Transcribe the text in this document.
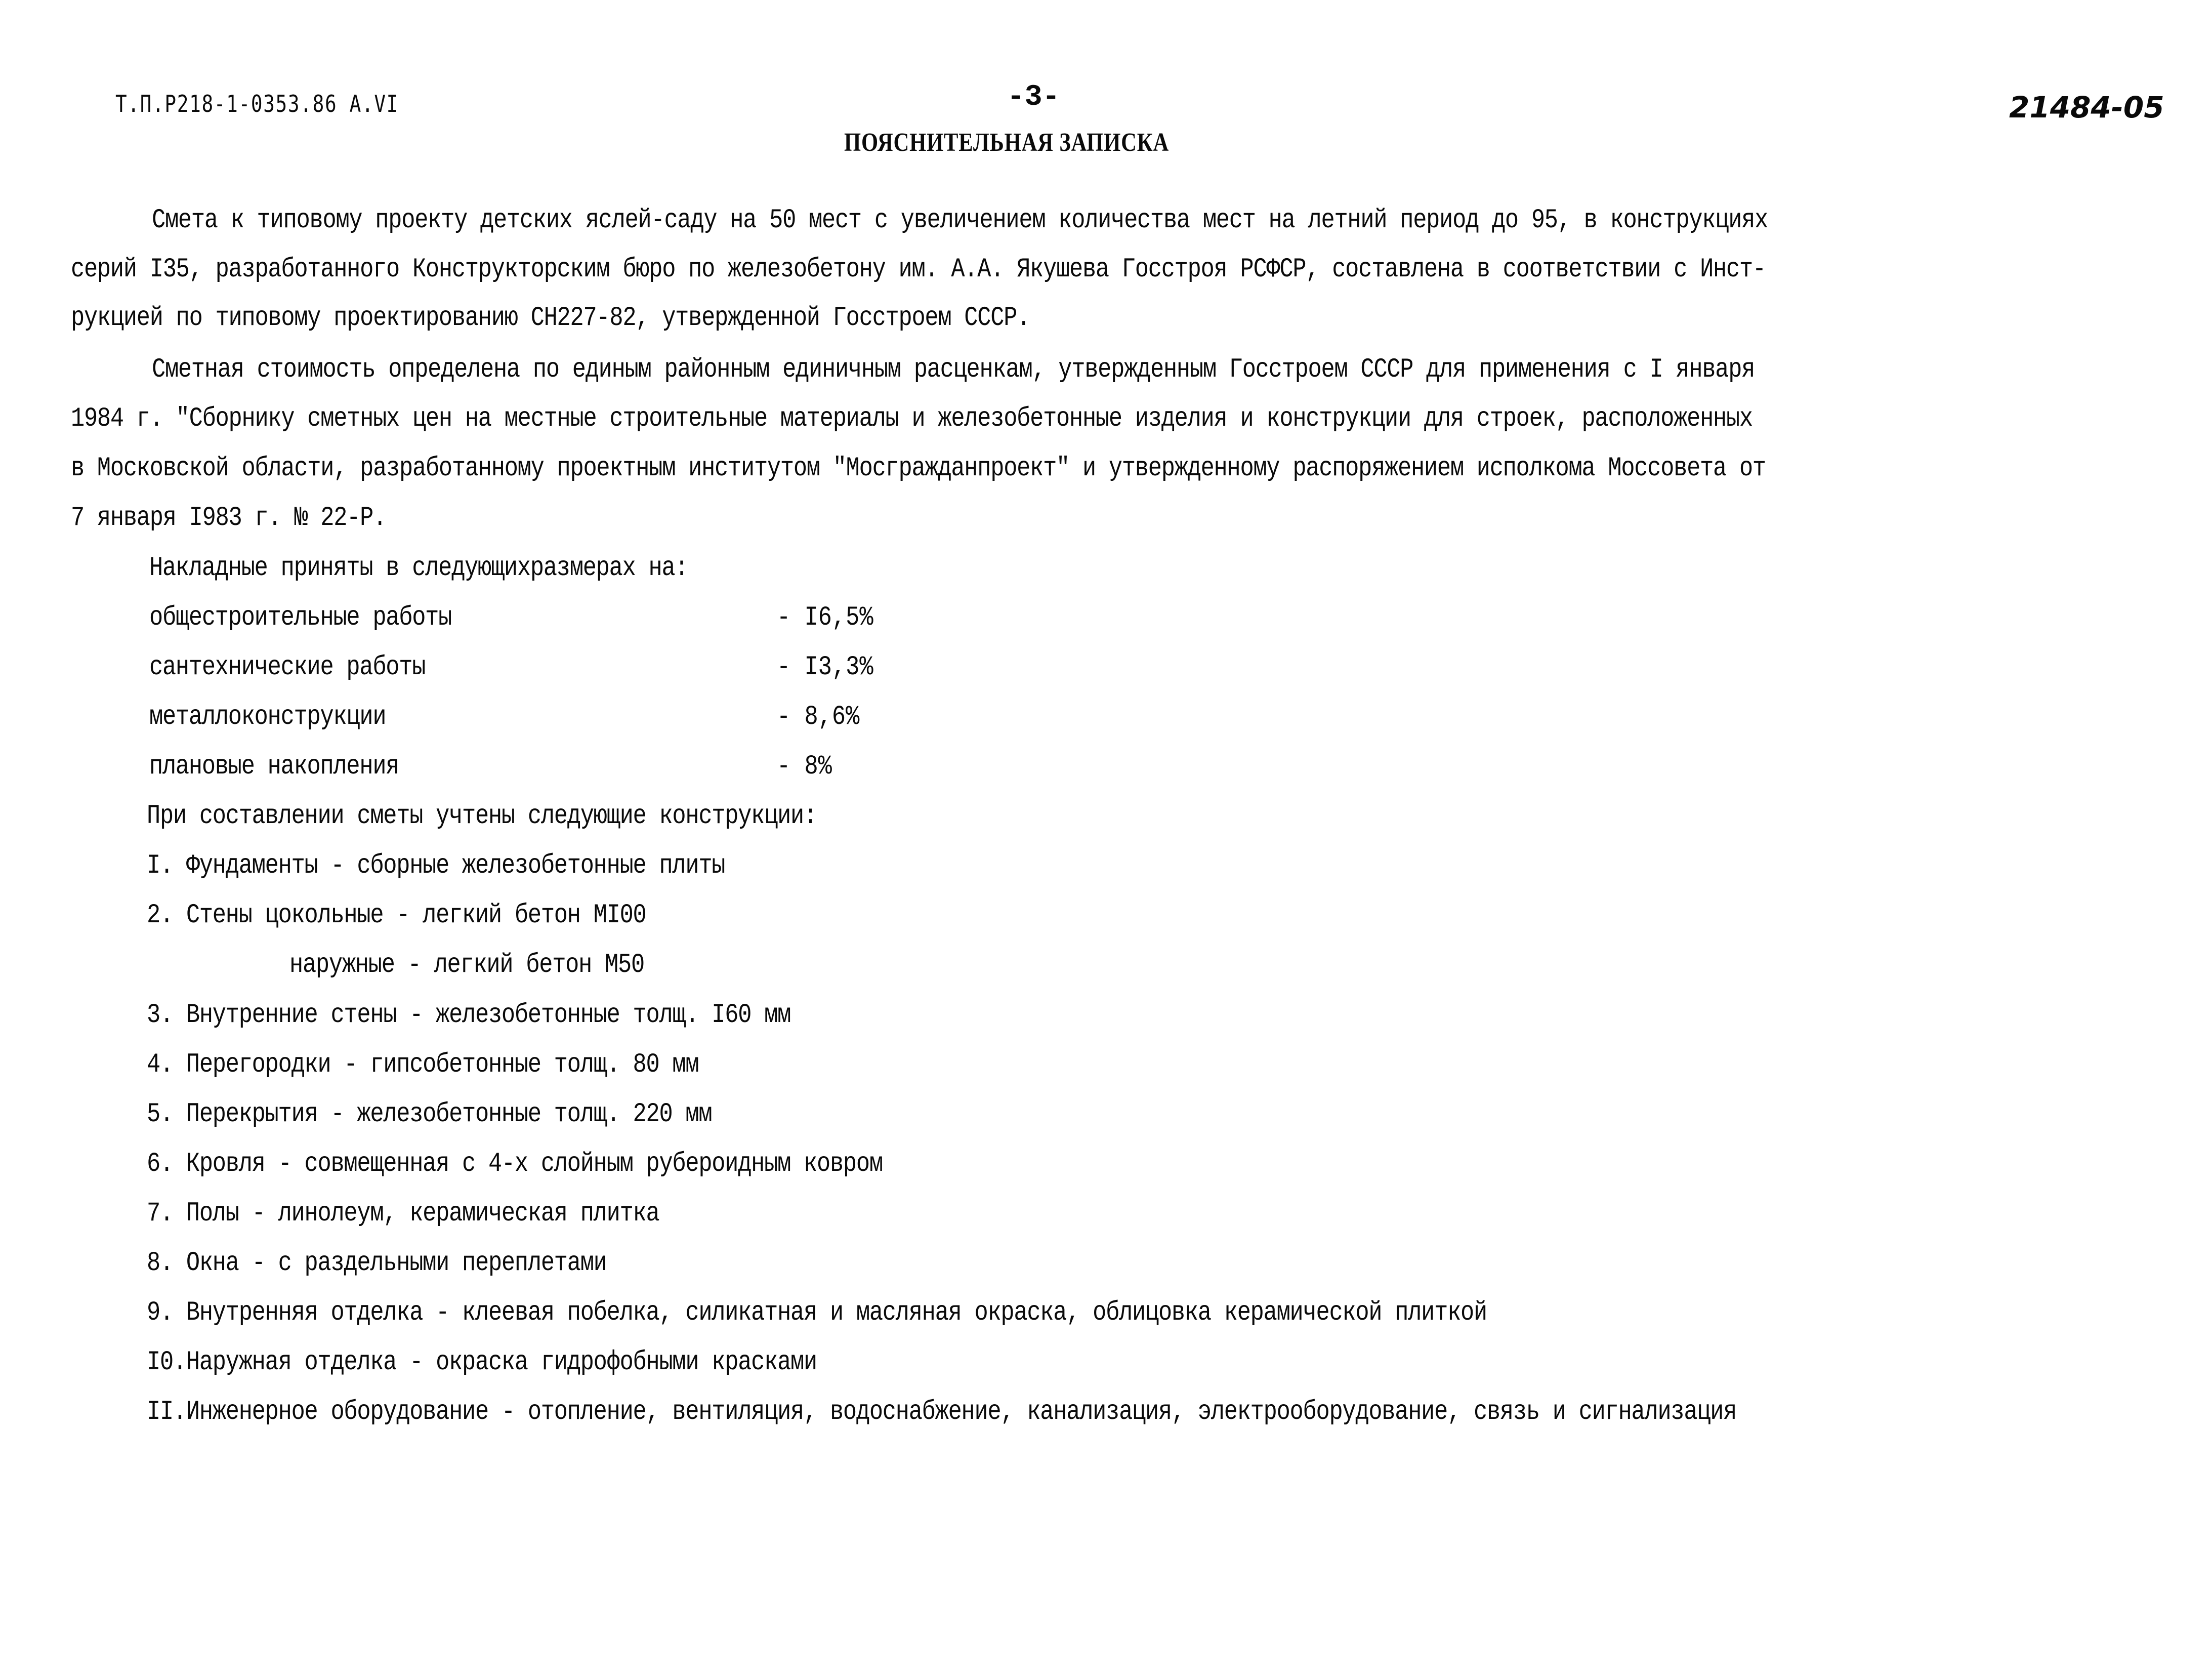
Т.П.Р218-1-0353.86 А.VI	-3-	21484-05
ПОЯСНИТЕЛЬНАЯ ЗАПИСКА
Смета к типовому проекту детских яслей-саду на 50 мест с увеличением количества мест на летний период до 95, в конструкциях
серий I35, разработанного Конструкторским бюро по железобетону им. А.А. Якушева Госстроя РСФСР, составлена в соответствии с Инст-
рукцией по типовому проектированию СН227-82, утвержденной Госстроем СССР.
Сметная стоимость определена по единым районным единичным расценкам, утвержденным Госстроем СССР для применения с I января
1984 г. "Сборнику сметных цен на местные строительные материалы и железобетонные изделия и конструкции для строек, расположенных
в Московской области, разработанному проектным институтом "Мосгражданпроект" и утвержденному распоряжением исполкома Моссовета от
7 января I983 г. № 22-Р.
Накладные приняты в следующихразмерах на:
общестроительные работы	- I6,5%
сантехнические работы	- I3,3%
металлоконструкции	- 8,6%
плановые накопления	- 8%
При составлении сметы учтены следующие конструкции:
I. Фундаменты - сборные железобетонные плиты
2. Стены цокольные - легкий бетон МI00
наружные - легкий бетон М50
3. Внутренние стены - железобетонные толщ. I60 мм
4. Перегородки - гипсобетонные толщ. 80 мм
5. Перекрытия - железобетонные толщ. 220 мм
6. Кровля - совмещенная с 4-х слойным рубероидным ковром
7. Полы - линолеум, керамическая плитка
8. Окна - с раздельными переплетами
9. Внутренняя отделка - клеевая побелка, силикатная и масляная окраска, облицовка керамической плиткой
I0.Наружная отделка - окраска гидрофобными красками
II.Инженерное оборудование - отопление, вентиляция, водоснабжение, канализация, электрооборудование, связь и сигнализация
